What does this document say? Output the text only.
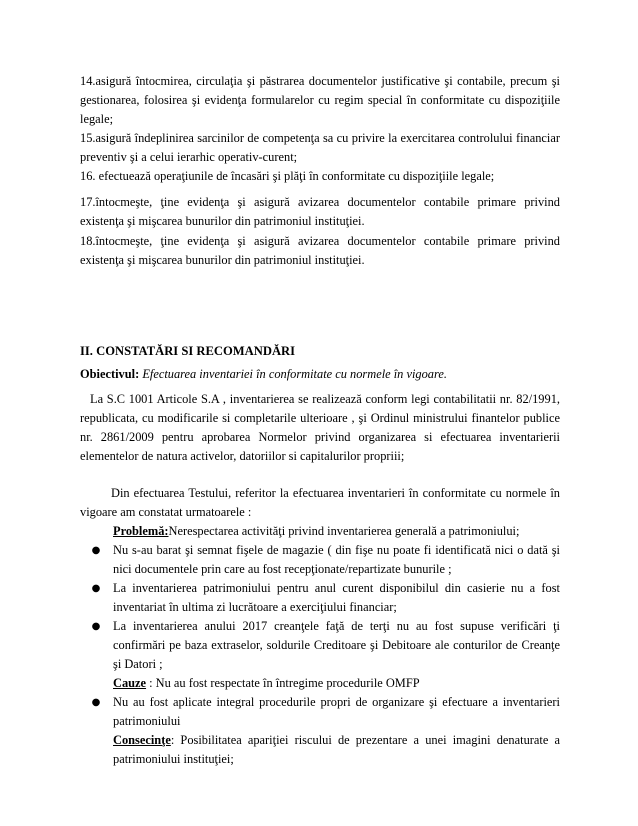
14.asigură întocmirea, circulaţia şi păstrarea documentelor justificative şi contabile, precum şi gestionarea, folosirea şi evidenţa formularelor cu regim special în conformitate cu dispoziţiile legale;

15.asigură îndeplinirea sarcinilor de competenţa sa cu privire la exercitarea controlului financiar preventiv şi a celui ierarhic operativ-curent;

16. efectuează operaţiunile de încasări şi plăţi în conformitate cu dispoziţiile legale;

17.întocmeşte, ţine evidenţa şi asigură avizarea documentelor contabile primare privind existenţa şi mişcarea bunurilor din patrimoniul instituţiei.

18.întocmeşte, ţine evidenţa şi asigură avizarea documentelor contabile primare privind existenţa şi mişcarea bunurilor din patrimoniul instituţiei.

II. CONSTATĂRI SI RECOMANDĂRI

Obiectivul: Efectuarea inventariei în conformitate cu normele în vigoare.

La S.C 1001 Articole S.A , inventarierea se realizează conform legi contabilitatii nr. 82/1991, republicata, cu modificarile si completarile ulterioare , şi Ordinul ministrului finantelor publice nr. 2861/2009 pentru aprobarea Normelor privind organizarea si efectuarea inventarierii elementelor de natura activelor, datoriilor si capitalurilor propriii;

Din efectuarea Testului, referitor la efectuarea inventarieri în conformitate cu normele în vigoare am constatat urmatoarele :

Problemă:Nerespectarea activităţi privind inventarierea generală a patrimoniului;
● Nu s-au barat şi semnat fişele de magazie ( din fişe nu poate fi identificată nici o dată şi nici documentele prin care au fost recepţionate/repartizate bunurile ;
● La inventarierea patrimoniului pentru anul curent disponibilul din casierie nu a fost inventariat în ultima zi lucrătoare a exerciţiului financiar;
● La inventarierea anului 2017 creanţele faţă de terţi nu au fost supuse verificări ţi confirmări pe baza extraselor, soldurile Creditoare şi Debitoare ale conturilor de Creanţe şi Datori ;
Cauze : Nu au fost respectate în întregime procedurile OMFP
● Nu au fost aplicate integral procedurile propri de organizare şi efectuare a inventarieri patrimoniului
Consecinţe: Posibilitatea apariţiei riscului de prezentare a unei imagini denaturate a patrimoniului instituţiei;
